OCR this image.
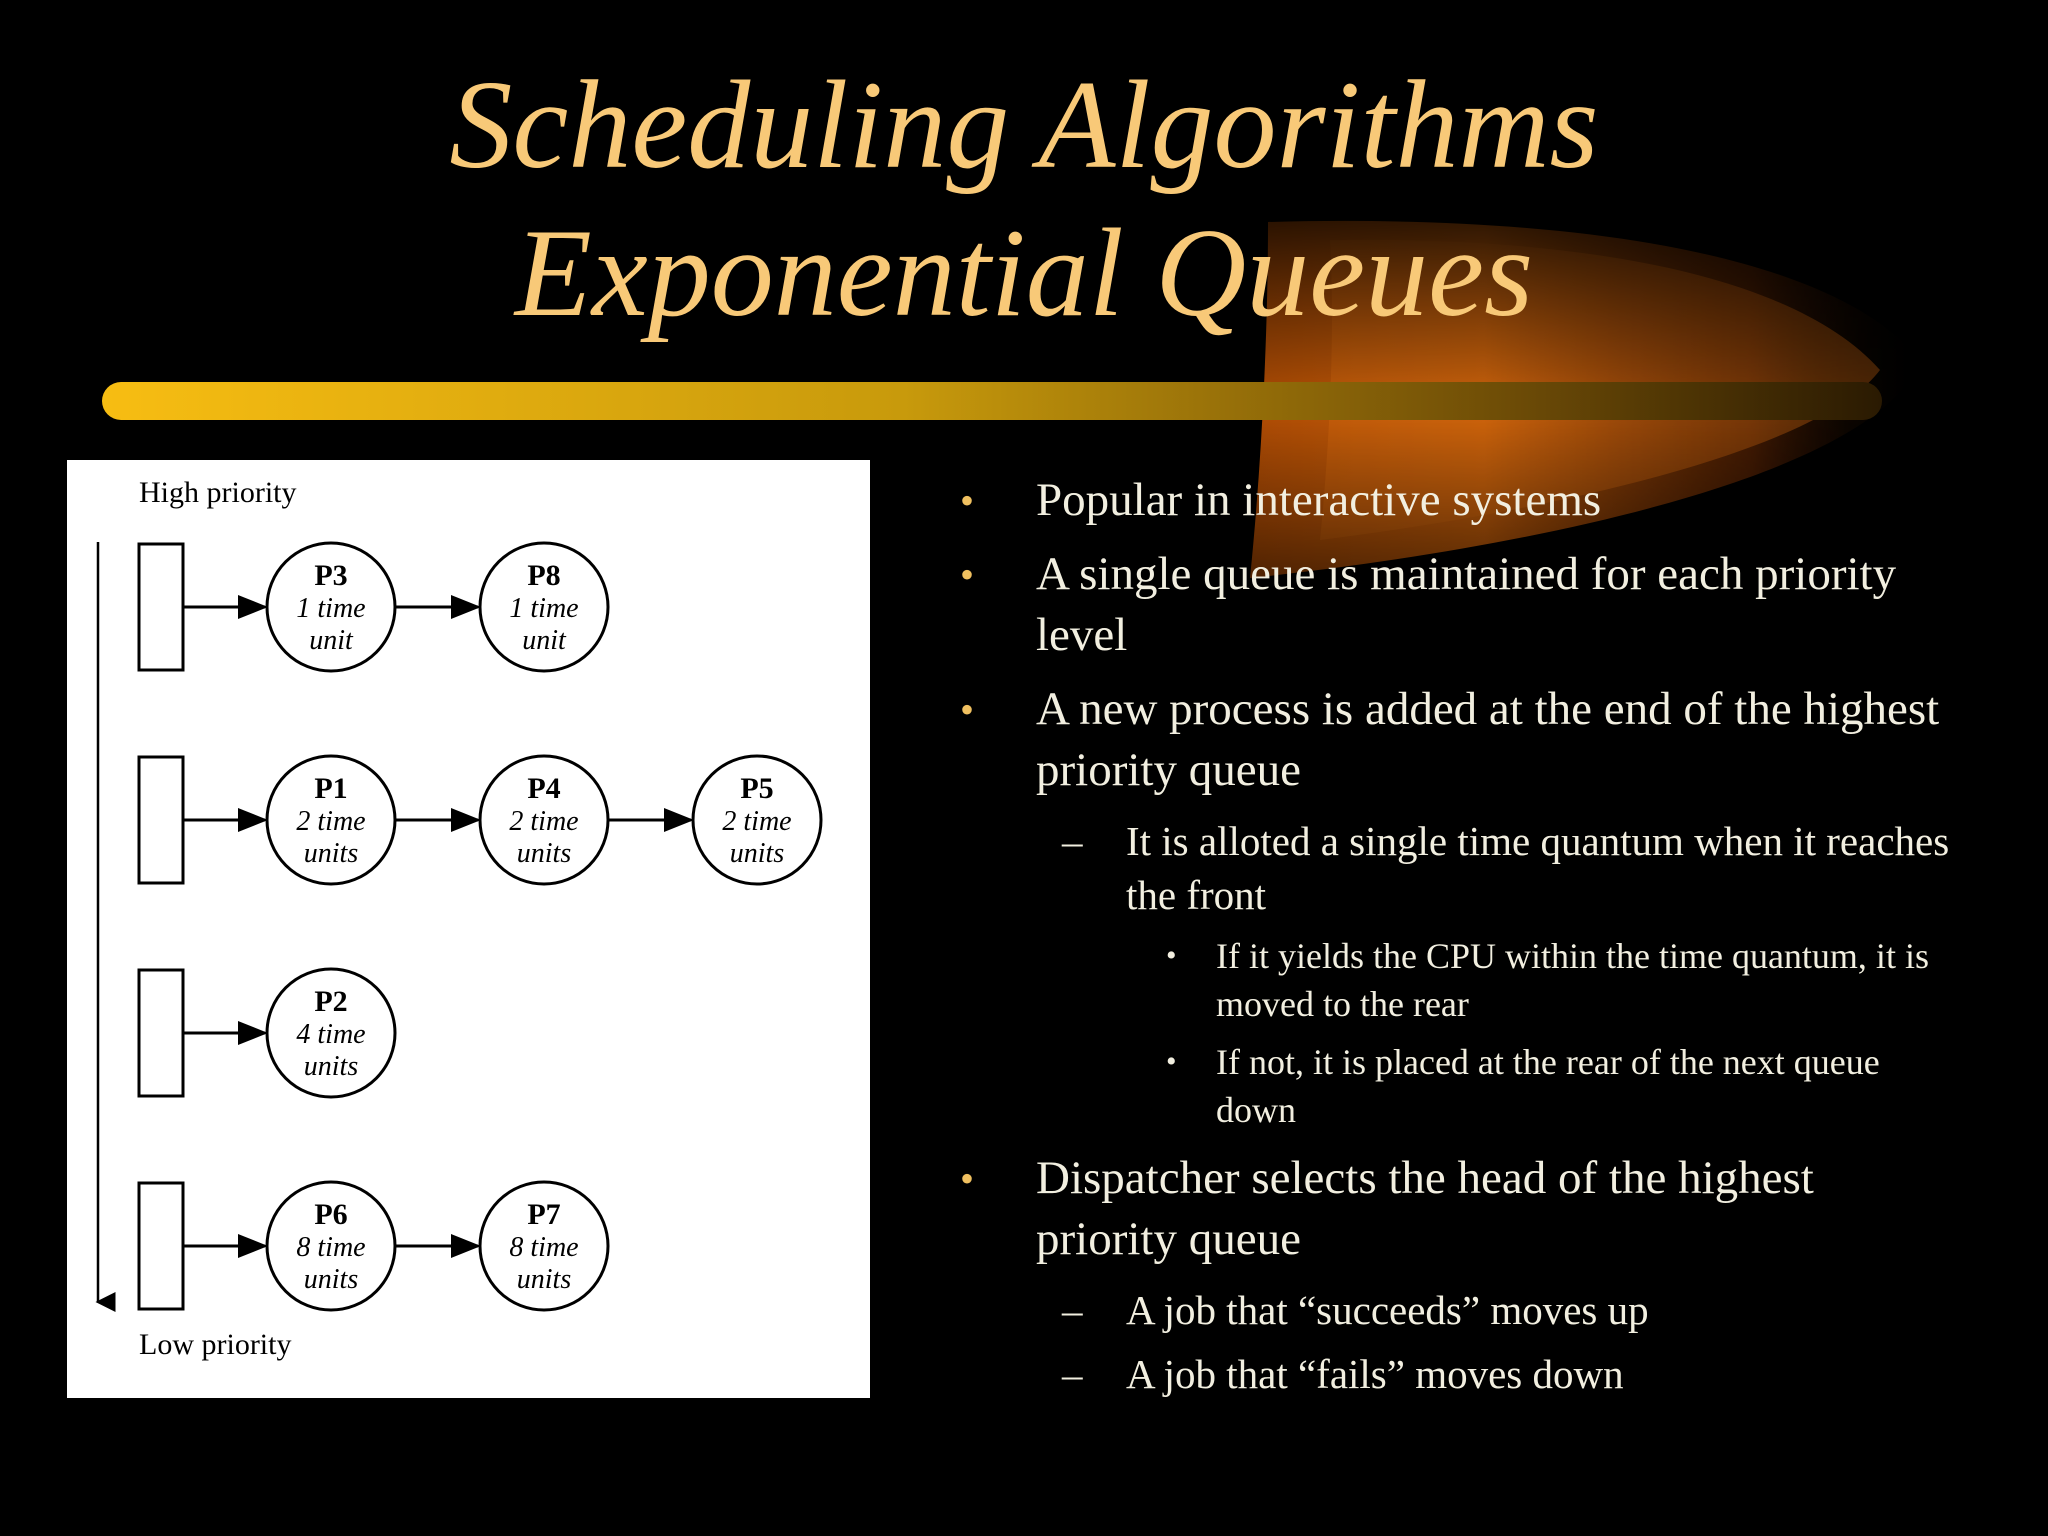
Scheduling Algorithms
Exponential Queues
High priority
Low priority
P3
1 time
unit
P8
1 time
unit
P1
2 time
units
P4
2 time
units
P5
2 time
units
P2
4 time
units
P6
8 time
units
P7
8 time
units
• Popular in interactive systems
• A single queue is maintained for each priority level
• A new process is added at the end of the highest priority queue
– It is alloted a single time quantum when it reaches the front
• If it yields the CPU within the time quantum, it is moved to the rear
• If not, it is placed at the rear of the next queue down
• Dispatcher selects the head of the highest priority queue
– A job that “succeeds” moves up
– A job that “fails” moves down
